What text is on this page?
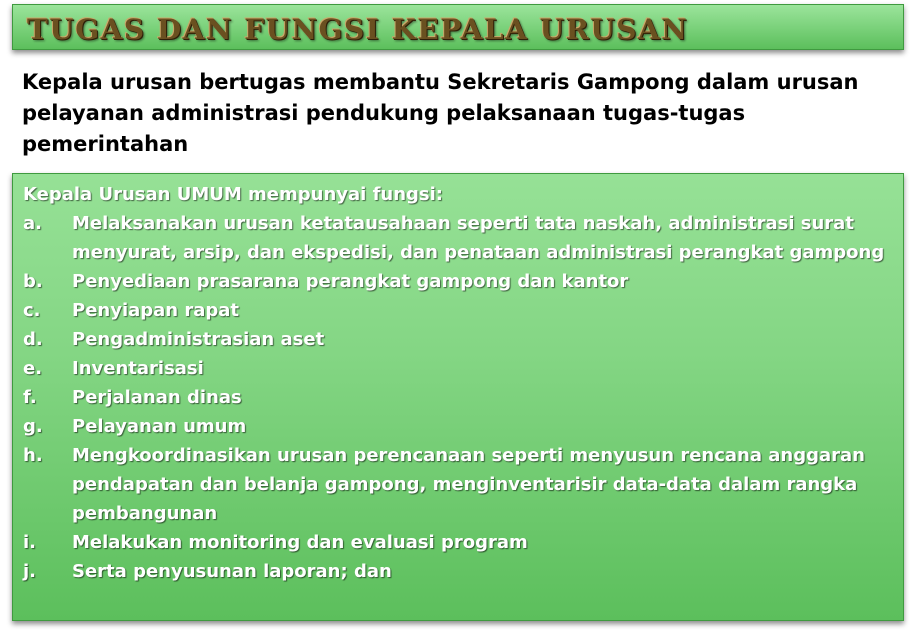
TUGAS DAN FUNGSI KEPALA URUSAN

Kepala urusan bertugas membantu Sekretaris Gampong dalam urusan pelayanan administrasi pendukung pelaksanaan tugas-tugas pemerintahan

Kepala Urusan UMUM mempunyai fungsi:

a. Melaksanakan urusan ketatausahaan seperti tata naskah, administrasi surat menyurat, arsip, dan ekspedisi, dan penataan administrasi perangkat gampong
b. Penyediaan prasarana perangkat gampong dan kantor
c. Penyiapan rapat
d. Pengadministrasian aset
e. Inventarisasi
f. Perjalanan dinas
g. Pelayanan umum
h. Mengkoordinasikan urusan perencanaan seperti menyusun rencana anggaran pendapatan dan belanja gampong, menginventarisir data-data dalam rangka pembangunan
i. Melakukan monitoring dan evaluasi program
j. Serta penyusunan laporan; dan
